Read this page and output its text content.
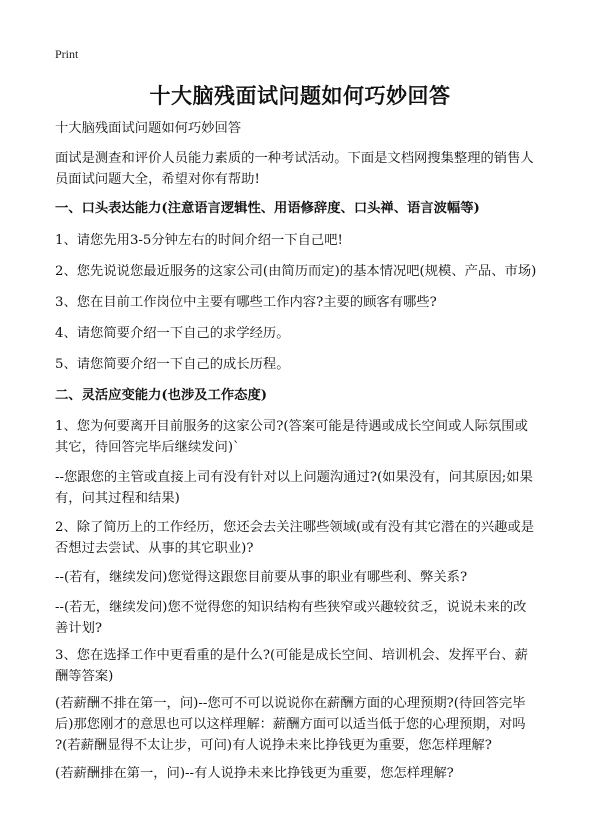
Print
十大脑残面试问题如何巧妙回答
十大脑残面试问题如何巧妙回答
面试是测查和评价人员能力素质的一种考试活动。下面是文档网搜集整理的销售人
员面试问题大全，希望对你有帮助!
一、口头表达能力(注意语言逻辑性、用语修辞度、口头禅、语言波幅等)
1、请您先用3-5分钟左右的时间介绍一下自己吧!
2、您先说说您最近服务的这家公司(由简历而定)的基本情况吧(规模、产品、市场)
3、您在目前工作岗位中主要有哪些工作内容?主要的顾客有哪些?
4、请您简要介绍一下自己的求学经历。
5、请您简要介绍一下自己的成长历程。
二、灵活应变能力(也涉及工作态度)
1、您为何要离开目前服务的这家公司?(答案可能是待遇或成长空间或人际氛围或
其它，待回答完毕后继续发问)`
--您跟您的主管或直接上司有没有针对以上问题沟通过?(如果没有，问其原因;如果
有，问其过程和结果)
2、除了简历上的工作经历，您还会去关注哪些领域(或有没有其它潜在的兴趣或是
否想过去尝试、从事的其它职业)?
--(若有，继续发问)您觉得这跟您目前要从事的职业有哪些利、弊关系?
--(若无，继续发问)您不觉得您的知识结构有些狭窄或兴趣较贫乏，说说未来的改
善计划?
3、您在选择工作中更看重的是什么?(可能是成长空间、培训机会、发挥平台、薪
酬等答案)
(若薪酬不排在第一，问)--您可不可以说说你在薪酬方面的心理预期?(待回答完毕
后)那您刚才的意思也可以这样理解：薪酬方面可以适当低于您的心理预期，对吗
?(若薪酬显得不太让步，可问)有人说挣未来比挣钱更为重要，您怎样理解?
(若薪酬排在第一，问)--有人说挣未来比挣钱更为重要，您怎样理解?
